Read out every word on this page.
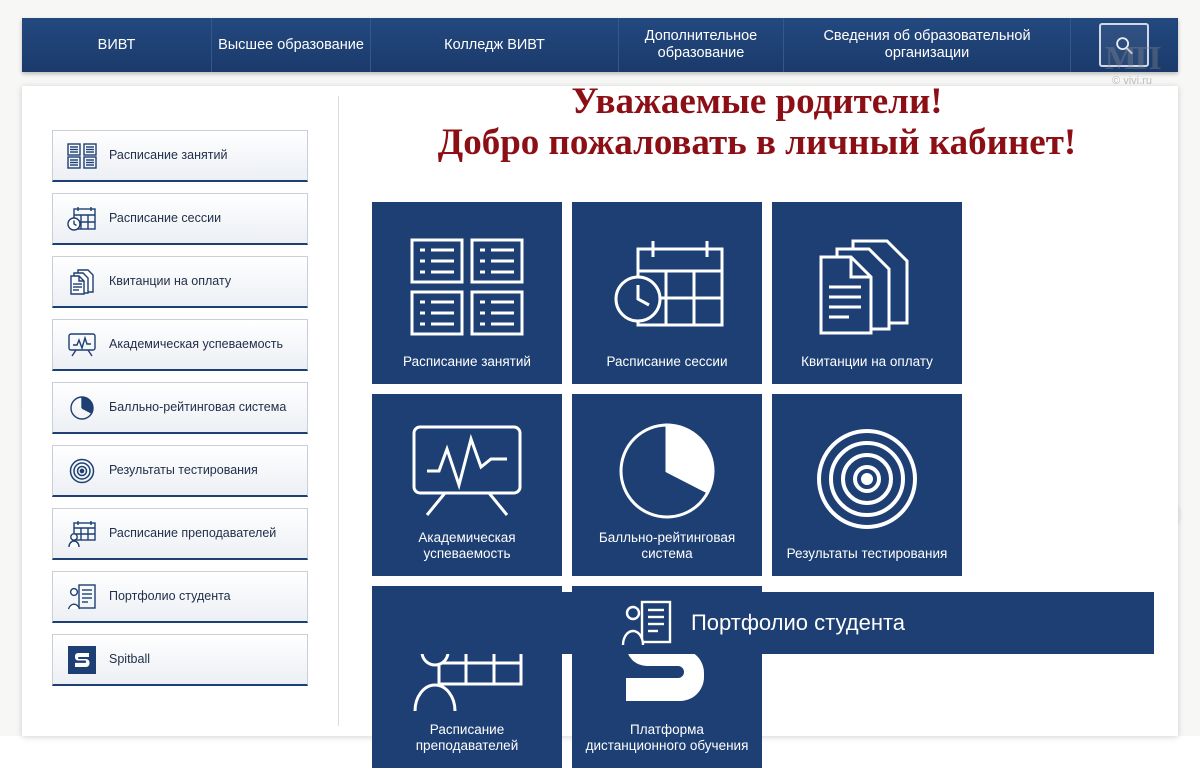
ВИВТ	Высшее образование	Колледж ВИВТ
Дополнительное образование
Сведения об образовательной организации	МП
© vivi.ru
Уважаемые родители!
Добро пожаловать в личный кабинет!
Расписание занятий
Расписание сессии
Квитанции на оплату
Академическая успеваемость
Балльно-рейтинговая система
Результаты тестирования
Расписание преподавателей
Портфолио студента
Spitball
Расписание занятий	Расписание сессии	Квитанции на оплату
Академическая успеваемость
Балльно-рейтинговая система	Результаты тестирования
Расписание преподавателей
Платформа дистанционного обучения
Портфолио студента
